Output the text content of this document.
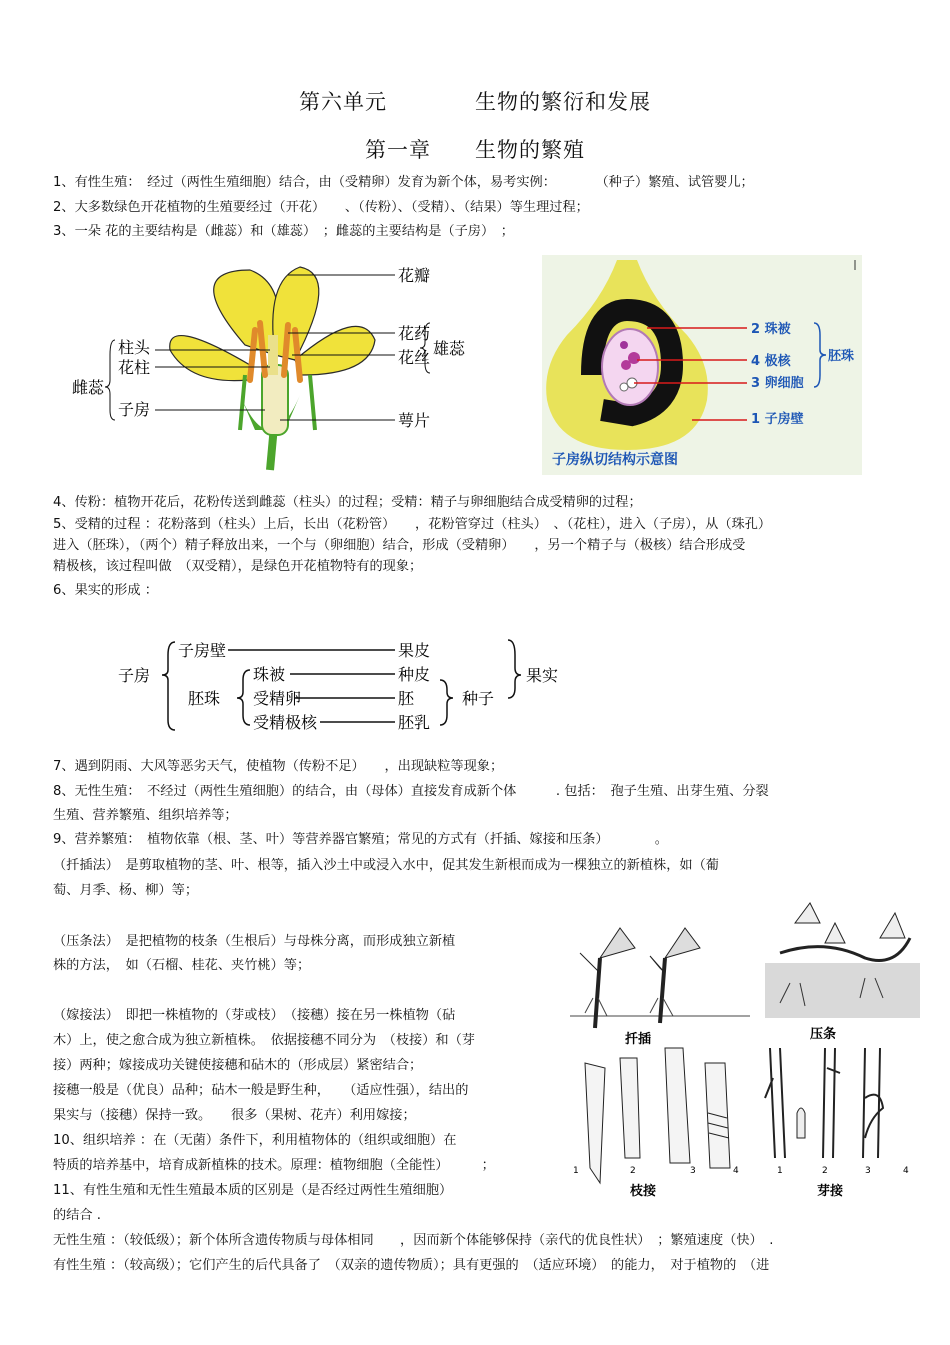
第六单元　　　　生物的繁衍和发展
第一章　　生物的繁殖
1、有性生殖：　经过（两性生殖细胞）结合，由（受精卵）发育为新个体，易考实例：　　　　（种子）繁殖、试管婴儿；
2、大多数绿色开花植物的生殖要经过（开花）　　、（传粉）、（受精）、（结果）等生理过程；
3、一朵 花的主要结构是（雌蕊）和（雄蕊）　；雌蕊的主要结构是（子房）　；
花瓣
花药
花丝 雄蕊
柱头
花柱
雌蕊
子房
萼片
2 珠被
4 极核
3 卵细胞
1 子房壁
胚珠
子房纵切结构示意图
4、传粉：植物开花后，花粉传送到雌蕊（柱头）的过程；受精：精子与卵细胞结合成受精卵的过程；
5、受精的过程 ：花粉落到（柱头）上后，长出（花粉管）　　，花粉管穿过（柱头）　、（花柱），进入（子房），从（珠孔）
进入（胚珠），（两个）精子释放出来，一个与（卵细胞）结合，形成（受精卵）　　，另一个精子与（极核）结合形成受
精极核，该过程叫做　（双受精），是绿色开花植物特有的现象；
6、果实的形成 ：
子房
子房壁
胚珠
珠被
受精卵
受精极核
果皮
种皮
胚
胚乳
种子
果实
7、遇到阴雨、大风等恶劣天气，使植物（传粉不足）　　，出现缺粒等现象；
8、无性生殖：　不经过（两性生殖细胞）的结合，由（母体）直接发育成新个体　　　. 包括：　孢子生殖、出芽生殖、分裂
生殖、营养繁殖、组织培养等；
9、营养繁殖：　植物依靠（根、茎、叶）等营养器官繁殖；常见的方式有（扦插、嫁接和压条）　　　　。
（扦插法）　是剪取植物的茎、叶、根等，插入沙土中或浸入水中，促其发生新根而成为一棵独立的新植株，如（葡
萄、月季、杨、柳）等；
（压条法）　是把植物的枝条（生根后）与母株分离，而形成独立新植
株的方法，　如（石榴、桂花、夹竹桃）等；
（嫁接法）　即把一株植物的（芽或枝）　（接穗）接在另一株植物（砧
木）上，使之愈合成为独立新植株。　依据接穗不同分为　（枝接）和（芽
接）两种；嫁接成功关键使接穗和砧木的（形成层）紧密结合；
接穗一般是（优良）品种；砧木一般是野生种，　　（适应性强），结出的
果实与（接穗）保持一致。　　很多（果树、花卉）利用嫁接；
10、组织培养 ：在（无菌）条件下，利用植物体的（组织或细胞）在
特质的培养基中，培育成新植株的技术。原理：植物细胞（全能性）　　　；
11、有性生殖和无性生殖最本质的区别是（是否经过两性生殖细胞）
的结合 .
无性生殖 ：（较低级）；新个体所含遗传物质与母体相同　　，因而新个体能够保持（亲代的优良性状）　；繁殖速度（快）　.
有性生殖 ：（较高级）；它们产生的后代具备了　（双亲的遗传物质）；具有更强的　（适应环境）　的能力，　对于植物的　（进
扦插	压条
1	2	3	4
枝接
1	2	3	4
芽接
